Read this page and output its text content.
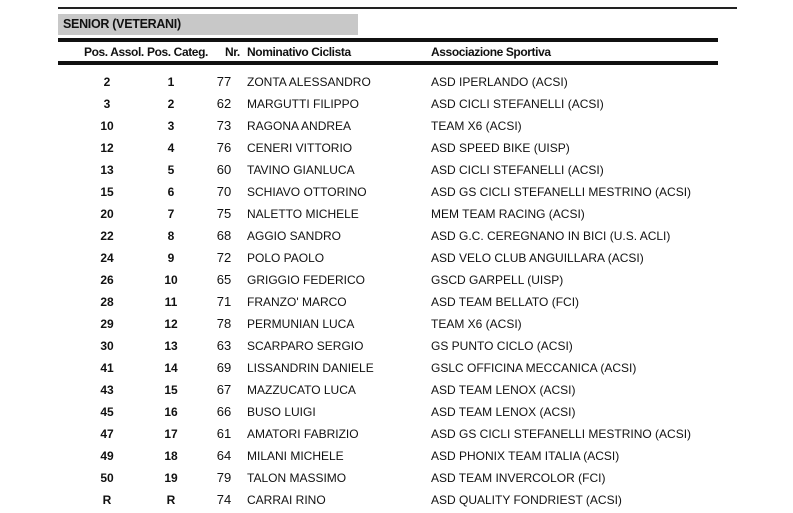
SENIOR (VETERANI)
Pos. Assol. Pos. Categ. Nr. Nominativo Ciclista	Associazione Sportiva
2	1	77	ZONTA ALESSANDRO	ASD IPERLANDO (ACSI)
3	2	62	MARGUTTI FILIPPO	ASD CICLI STEFANELLI (ACSI)
10	3	73	RAGONA ANDREA	TEAM X6 (ACSI)
12	4	76	CENERI VITTORIO	ASD SPEED BIKE (UISP)
13	5	60	TAVINO GIANLUCA	ASD CICLI STEFANELLI (ACSI)
15	6	70	SCHIAVO OTTORINO	ASD GS CICLI STEFANELLI MESTRINO (ACSI)
20	7	75	NALETTO MICHELE	MEM TEAM RACING (ACSI)
22	8	68	AGGIO SANDRO	ASD G.C. CEREGNANO IN BICI (U.S. ACLI)
24	9	72	POLO PAOLO	ASD VELO CLUB ANGUILLARA (ACSI)
26	10	65	GRIGGIO FEDERICO	GSCD GARPELL (UISP)
28	11	71	FRANZO' MARCO	ASD TEAM BELLATO (FCI)
29	12	78	PERMUNIAN LUCA	TEAM X6 (ACSI)
30	13	63	SCARPARO SERGIO	GS PUNTO CICLO (ACSI)
41	14	69	LISSANDRIN DANIELE	GSLC OFFICINA MECCANICA (ACSI)
43	15	67	MAZZUCATO LUCA	ASD TEAM LENOX (ACSI)
45	16	66	BUSO LUIGI	ASD TEAM LENOX (ACSI)
47	17	61	AMATORI FABRIZIO	ASD GS CICLI STEFANELLI MESTRINO (ACSI)
49	18	64	MILANI MICHELE	ASD PHONIX TEAM ITALIA (ACSI)
50	19	79	TALON MASSIMO	ASD TEAM INVERCOLOR (FCI)
R	R	74	CARRAI RINO	ASD QUALITY FONDRIEST (ACSI)
